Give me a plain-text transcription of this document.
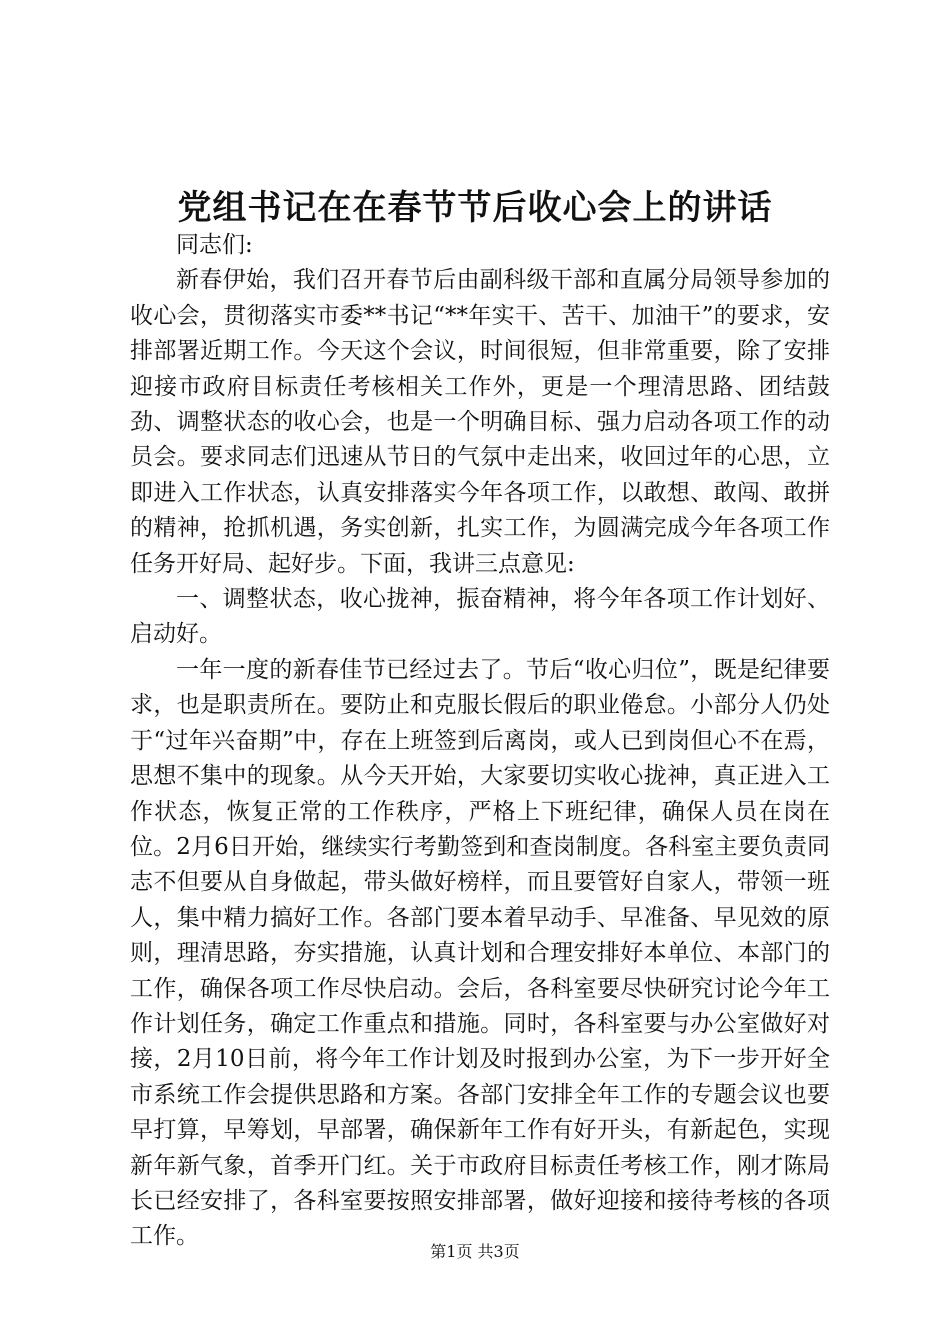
党组书记在在春节节后收心会上的讲话

同志们:

新春伊始，我们召开春节后由副科级干部和直属分局领导参加的收心会，贯彻落实市委**书记“**年实干、苦干、加油干”的要求，安排部署近期工作。今天这个会议，时间很短，但非常重要，除了安排迎接市政府目标责任考核相关工作外，更是一个理清思路、团结鼓劲、调整状态的收心会，也是一个明确目标、强力启动各项工作的动员会。要求同志们迅速从节日的气氛中走出来，收回过年的心思，立即进入工作状态，认真安排落实今年各项工作，以敢想、敢闯、敢拼的精神，抢抓机遇，务实创新，扎实工作，为圆满完成今年各项工作任务开好局、起好步。下面，我讲三点意见:

一、调整状态，收心拢神，振奋精神，将今年各项工作计划好、启动好。

一年一度的新春佳节已经过去了。节后“收心归位”，既是纪律要求，也是职责所在。要防止和克服长假后的职业倦怠。小部分人仍处于“过年兴奋期”中，存在上班签到后离岗，或人已到岗但心不在焉，思想不集中的现象。从今天开始，大家要切实收心拢神，真正进入工作状态，恢复正常的工作秩序，严格上下班纪律，确保人员在岗在位。2月6日开始，继续实行考勤签到和查岗制度。各科室主要负责同志不但要从自身做起，带头做好榜样，而且要管好自家人，带领一班人，集中精力搞好工作。各部门要本着早动手、早准备、早见效的原则，理清思路，夯实措施，认真计划和合理安排好本单位、本部门的工作，确保各项工作尽快启动。会后，各科室要尽快研究讨论今年工作计划任务，确定工作重点和措施。同时，各科室要与办公室做好对接，2月10日前，将今年工作计划及时报到办公室，为下一步开好全市系统工作会提供思路和方案。各部门安排全年工作的专题会议也要早打算，早筹划，早部署，确保新年工作有好开头，有新起色，实现新年新气象，首季开门红。关于市政府目标责任考核工作，刚才陈局长已经安排了，各科室要按照安排部署，做好迎接和接待考核的各项工作。

第1页 共3页
